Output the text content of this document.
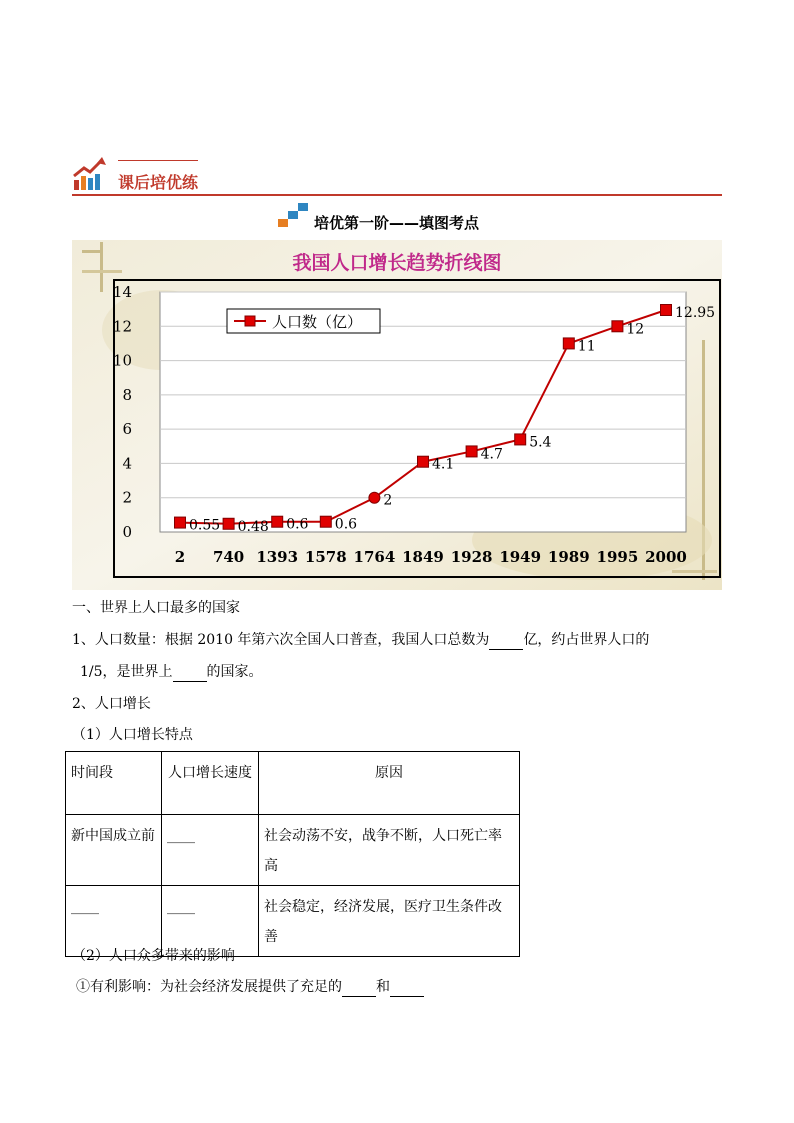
课后培优练
培优第一阶——填图考点
我国人口增长趋势折线图
0
2
4
6
8
10
12
14
2 740 1393 1578 1764 1849 1928 1949 1989 1995 2000
0.55 0.48 0.6 0.6
2
4.1
4.7
5.4
11
12
12.95
人口数（亿）
一、世界上人口最多的国家
1、人口数量：根据 2010 年第六次全国人口普查，我国人口总数为 亿，约占世界人口的
1/5，是世界上 的国家。
2、人口增长
（1）人口增长特点
时间段	人口增长速度	原因
新中国成立前	____	社会动荡不安，战争不断，人口死亡率高
____	____	社会稳定，经济发展，医疗卫生条件改善
（2）人口众多带来的影响
①有利影响：为社会经济发展提供了充足的 和
